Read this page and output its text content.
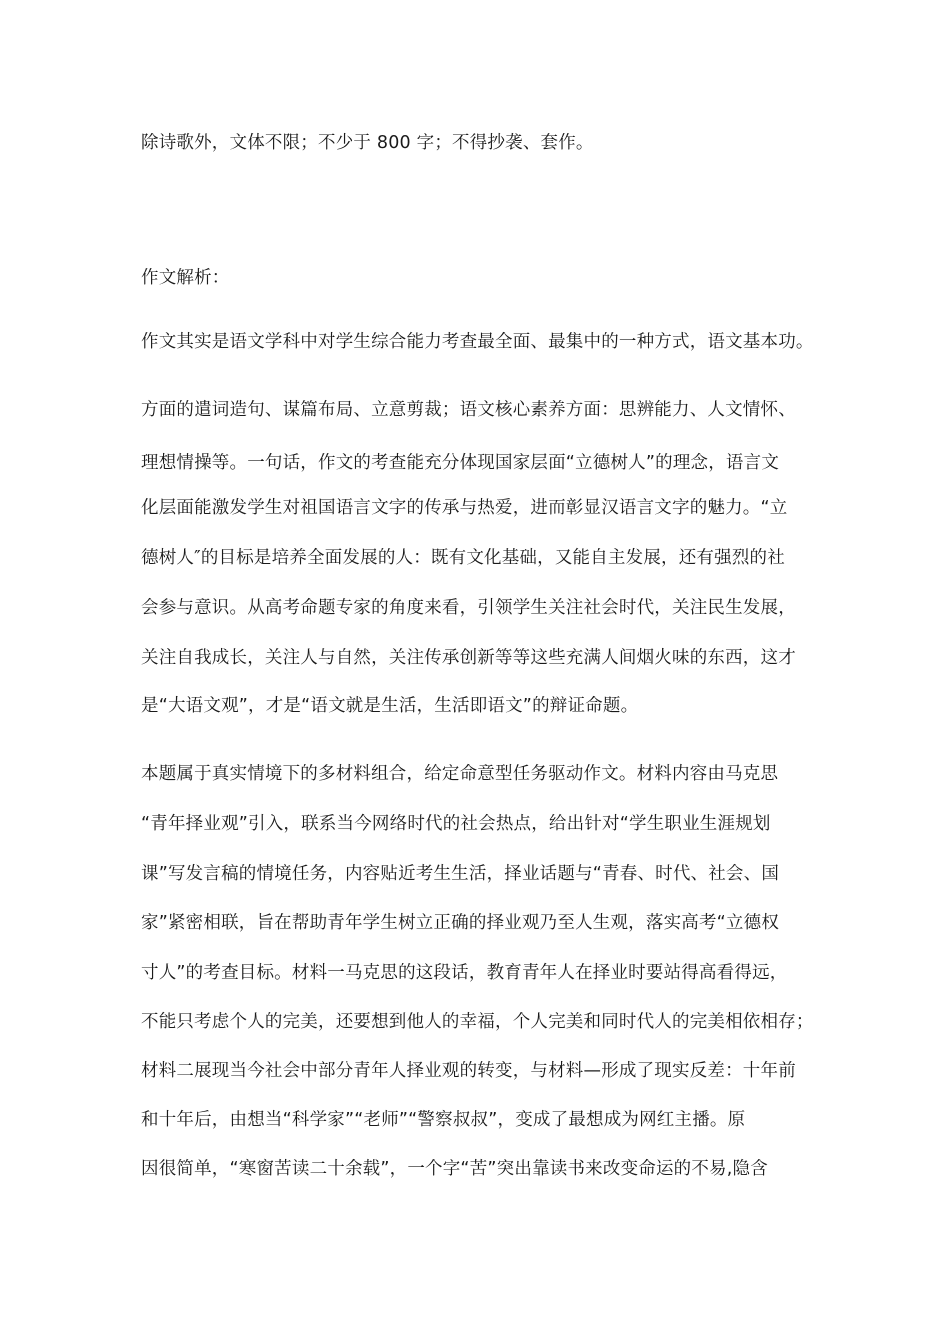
除诗歌外，文体不限；不少于 800 字；不得抄袭、套作。
作文解析：
作文其实是语文学科中对学生综合能力考查最全面、最集中的一种方式，语文基本功。
方面的遣词造句、谋篇布局、立意剪裁；语文核心素养方面：思辨能力、人文情怀、
理想情操等。一句话，作文的考查能充分体现国家层面“立德树人”的理念，语言文
化层面能激发学生对祖国语言文字的传承与热爱，进而彰显汉语言文字的魅力。“立
德树人″的目标是培养全面发展的人：既有文化基础，又能自主发展，还有强烈的社
会参与意识。从高考命题专家的角度来看，引领学生关注社会时代，关注民生发展，
关注自我成长，关注人与自然，关注传承创新等等这些充满人间烟火味的东西，这才
是“大语文观”，才是“语文就是生活，生活即语文”的辩证命题。
本题属于真实情境下的多材料组合，给定命意型任务驱动作文。材料内容由马克思
“青年择业观”引入，联系当今网络时代的社会热点，给出针对“学生职业生涯规划
课”写发言稿的情境任务，内容贴近考生生活，择业话题与“青春、时代、社会、国
家”紧密相联，旨在帮助青年学生树立正确的择业观乃至人生观，落实高考“立德权
寸人”的考查目标。材料一马克思的这段话，教育青年人在择业时要站得高看得远，
不能只考虑个人的完美，还要想到他人的幸福，个人完美和同时代人的完美相依相存；
材料二展现当今社会中部分青年人择业观的转变，与材料—形成了现实反差：十年前
和十年后，由想当“科学家”“老师”“警察叔叔”，变成了最想成为网红主播。原
因很简单，“寒窗苦读二十余载”，一个字“苦”突出靠读书来改变命运的不易,隐含
